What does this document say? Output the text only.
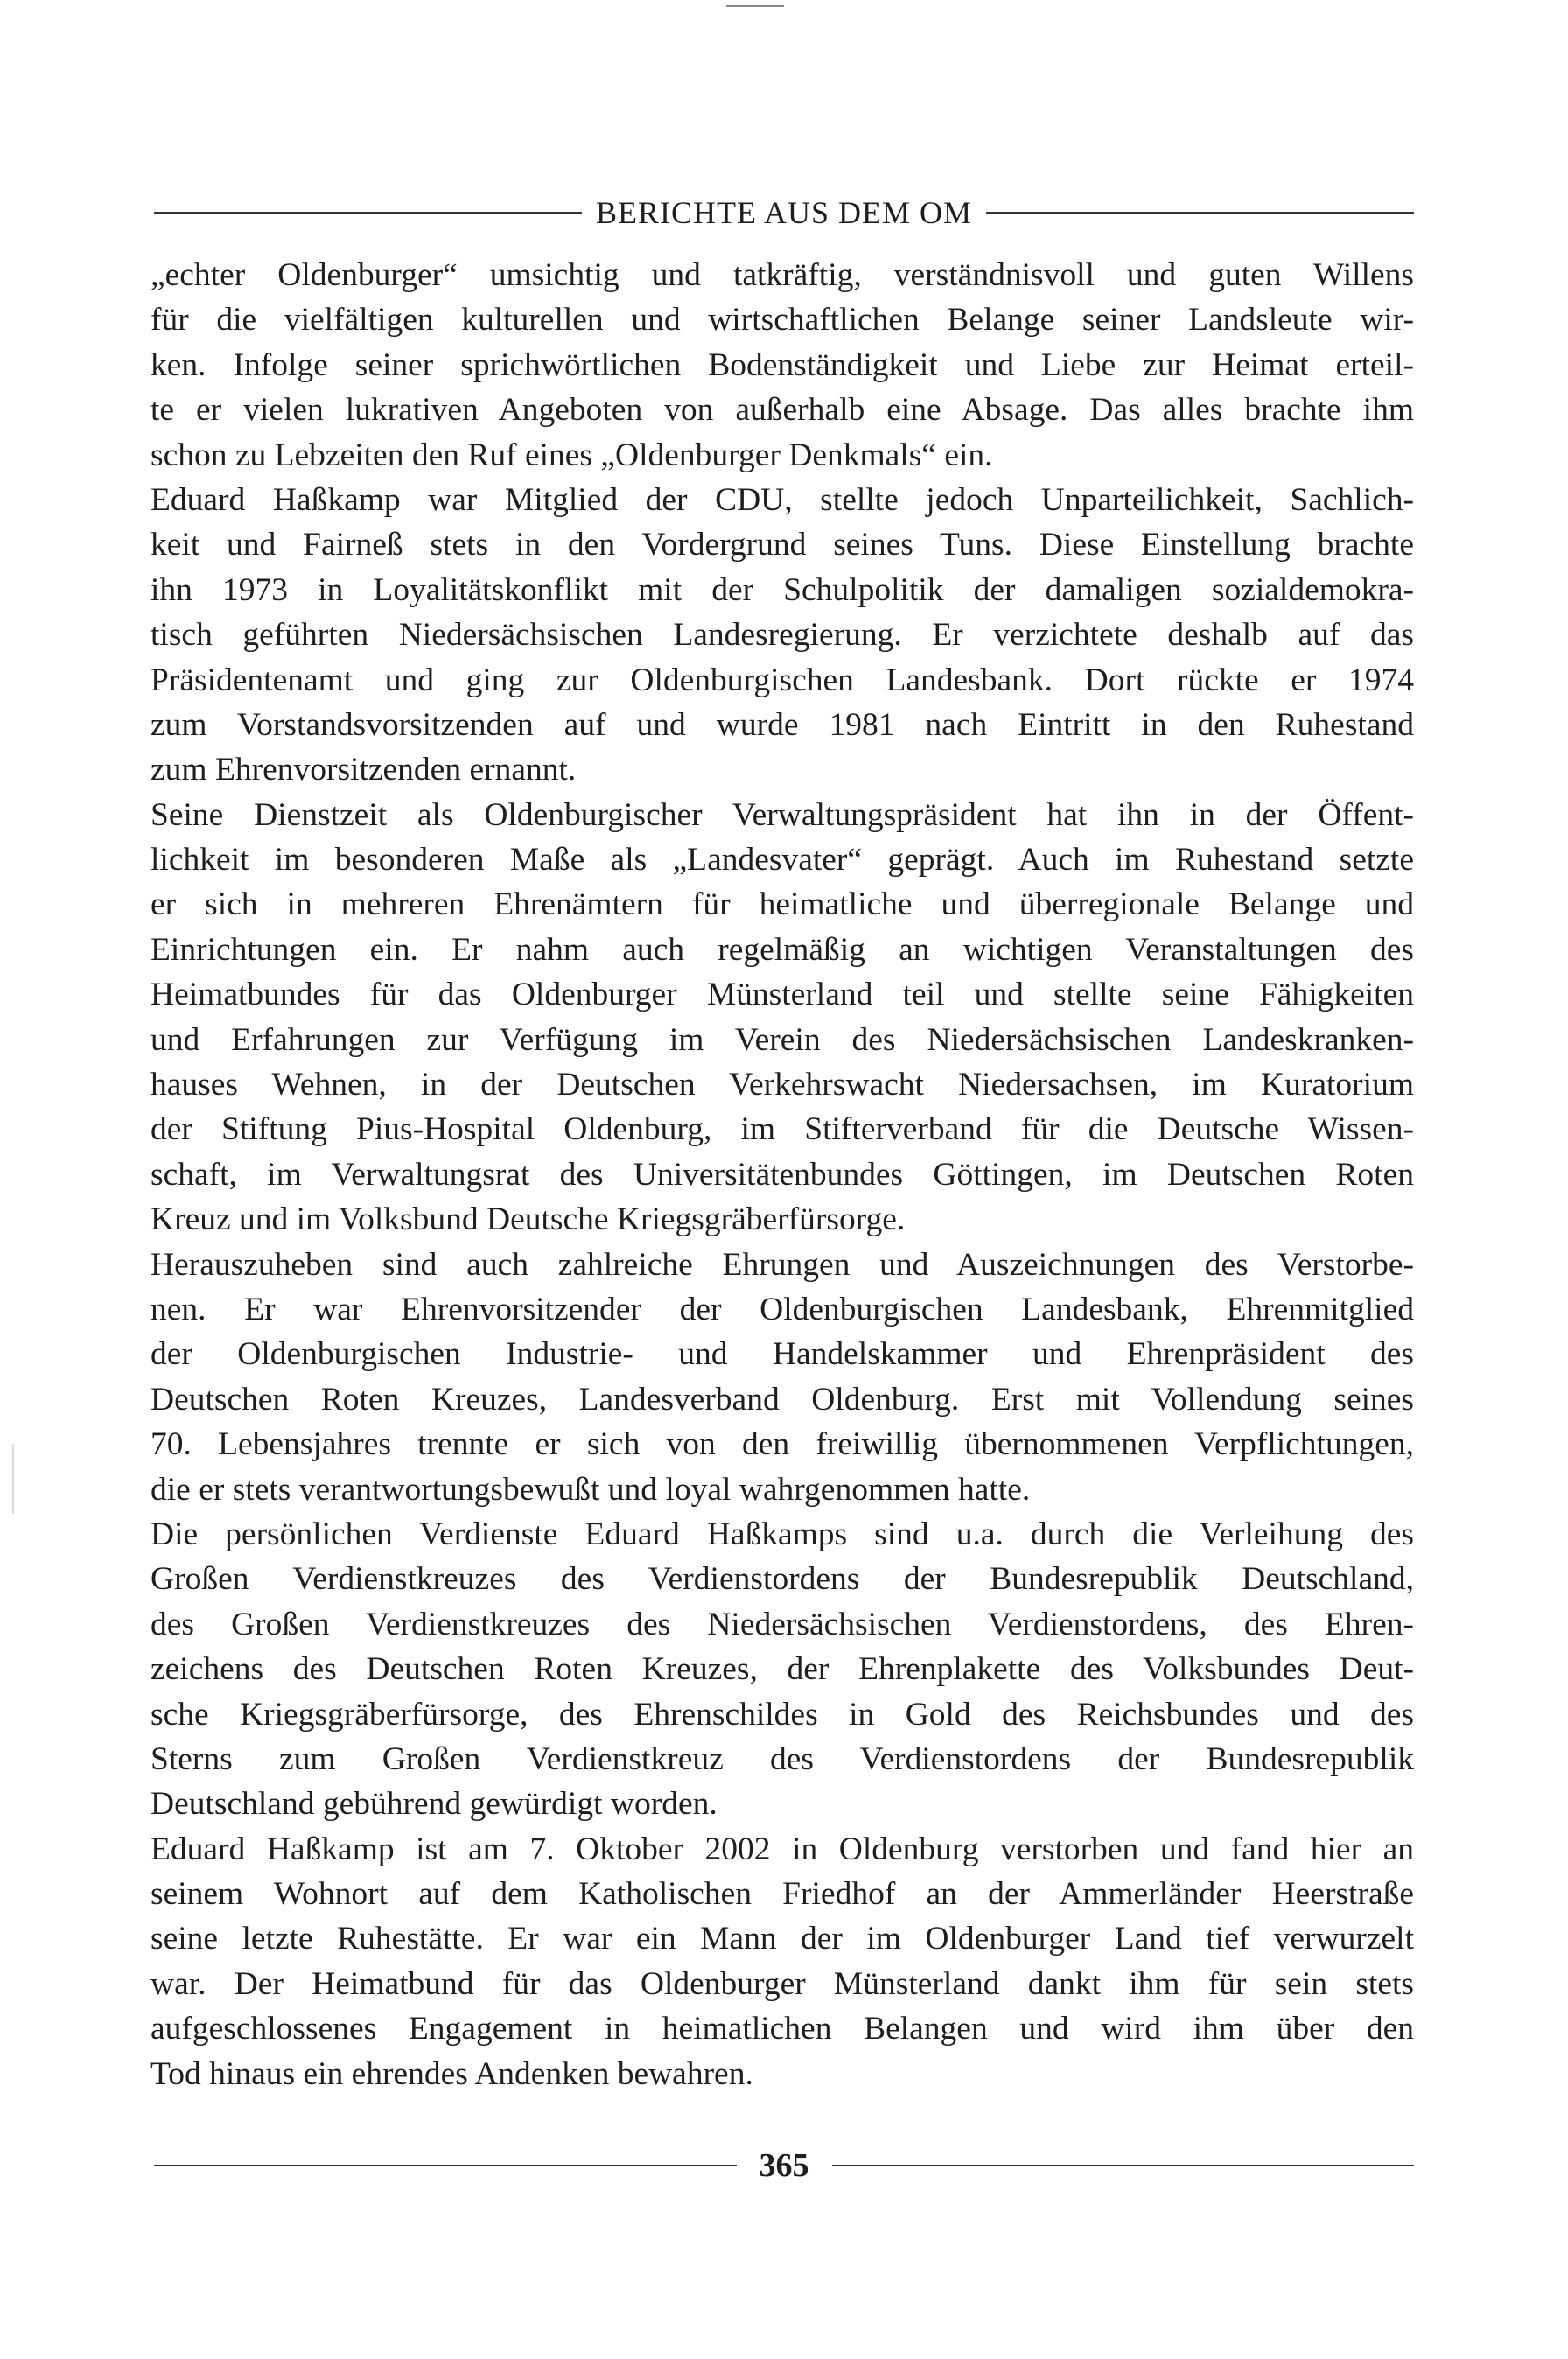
BERICHTE AUS DEM OM
„echter Oldenburger“ umsichtig und tatkräftig, verständnisvoll und guten Willens
für die vielfältigen kulturellen und wirtschaftlichen Belange seiner Landsleute wir-
ken. Infolge seiner sprichwörtlichen Bodenständigkeit und Liebe zur Heimat erteil-
te er vielen lukrativen Angeboten von außerhalb eine Absage. Das alles brachte ihm
schon zu Lebzeiten den Ruf eines „Oldenburger Denkmals“ ein.
Eduard Haßkamp war Mitglied der CDU, stellte jedoch Unparteilichkeit, Sachlich-
keit und Fairneß stets in den Vordergrund seines Tuns. Diese Einstellung brachte
ihn 1973 in Loyalitätskonflikt mit der Schulpolitik der damaligen sozialdemokra-
tisch geführten Niedersächsischen Landesregierung. Er verzichtete deshalb auf das
Präsidentenamt und ging zur Oldenburgischen Landesbank. Dort rückte er 1974
zum Vorstandsvorsitzenden auf und wurde 1981 nach Eintritt in den Ruhestand
zum Ehrenvorsitzenden ernannt.
Seine Dienstzeit als Oldenburgischer Verwaltungspräsident hat ihn in der Öffent-
lichkeit im besonderen Maße als „Landesvater“ geprägt. Auch im Ruhestand setzte
er sich in mehreren Ehrenämtern für heimatliche und überregionale Belange und
Einrichtungen ein. Er nahm auch regelmäßig an wichtigen Veranstaltungen des
Heimatbundes für das Oldenburger Münsterland teil und stellte seine Fähigkeiten
und Erfahrungen zur Verfügung im Verein des Niedersächsischen Landeskranken-
hauses Wehnen, in der Deutschen Verkehrswacht Niedersachsen, im Kuratorium
der Stiftung Pius-Hospital Oldenburg, im Stifterverband für die Deutsche Wissen-
schaft, im Verwaltungsrat des Universitätenbundes Göttingen, im Deutschen Roten
Kreuz und im Volksbund Deutsche Kriegsgräberfürsorge.
Herauszuheben sind auch zahlreiche Ehrungen und Auszeichnungen des Verstorbe-
nen. Er war Ehrenvorsitzender der Oldenburgischen Landesbank, Ehrenmitglied
der Oldenburgischen Industrie- und Handelskammer und Ehrenpräsident des
Deutschen Roten Kreuzes, Landesverband Oldenburg. Erst mit Vollendung seines
70. Lebensjahres trennte er sich von den freiwillig übernommenen Verpflichtungen,
die er stets verantwortungsbewußt und loyal wahrgenommen hatte.
Die persönlichen Verdienste Eduard Haßkamps sind u.a. durch die Verleihung des
Großen Verdienstkreuzes des Verdienstordens der Bundesrepublik Deutschland,
des Großen Verdienstkreuzes des Niedersächsischen Verdienstordens, des Ehren-
zeichens des Deutschen Roten Kreuzes, der Ehrenplakette des Volksbundes Deut-
sche Kriegsgräberfürsorge, des Ehrenschildes in Gold des Reichsbundes und des
Sterns zum Großen Verdienstkreuz des Verdienstordens der Bundesrepublik
Deutschland gebührend gewürdigt worden.
Eduard Haßkamp ist am 7. Oktober 2002 in Oldenburg verstorben und fand hier an
seinem Wohnort auf dem Katholischen Friedhof an der Ammerländer Heerstraße
seine letzte Ruhestätte. Er war ein Mann der im Oldenburger Land tief verwurzelt
war. Der Heimatbund für das Oldenburger Münsterland dankt ihm für sein stets
aufgeschlossenes Engagement in heimatlichen Belangen und wird ihm über den
Tod hinaus ein ehrendes Andenken bewahren.
365
